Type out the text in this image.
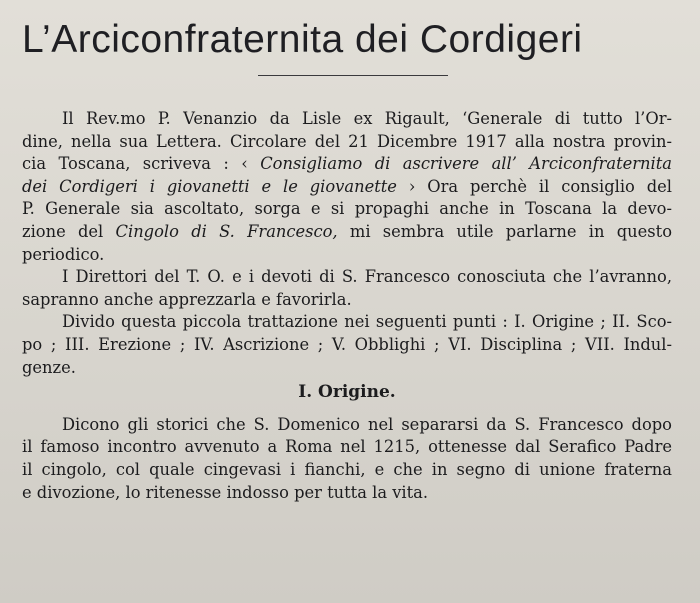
L’Arciconfraternita dei Cordigeri
Il Rev.mo P. Venanzio da Lisle ex Rigault, ‘Generale di tutto l’Or-
dine, nella sua Lettera. Circolare del 21 Dicembre 1917 alla nostra provin-
cia Toscana, scriveva : ‹ Consigliamo di ascrivere all’ Arciconfraternita
dei Cordigeri i giovanetti e le giovanette › Ora perchè il consiglio del
P. Generale sia ascoltato, sorga e si propaghi anche in Toscana la devo-
zione del Cingolo di S. Francesco, mi sembra utile parlarne in questo
periodico.
I Direttori del T. O. e i devoti di S. Francesco conosciuta che l’avranno,
sapranno anche apprezzarla e favorirla.
Divido questa piccola trattazione nei seguenti punti : I. Origine ; II. Sco-
po ; III. Erezione ; IV. Ascrizione ; V. Obblighi ; VI. Disciplina ; VII. Indul-
genze.
I. Origine.
Dicono gli storici che S. Domenico nel separarsi da S. Francesco dopo
il famoso incontro avvenuto a Roma nel 1215, ottenesse dal Serafico Padre
il cingolo, col quale cingevasi i fianchi, e che in segno di unione fraterna
e divozione, lo ritenesse indosso per tutta la vita.
